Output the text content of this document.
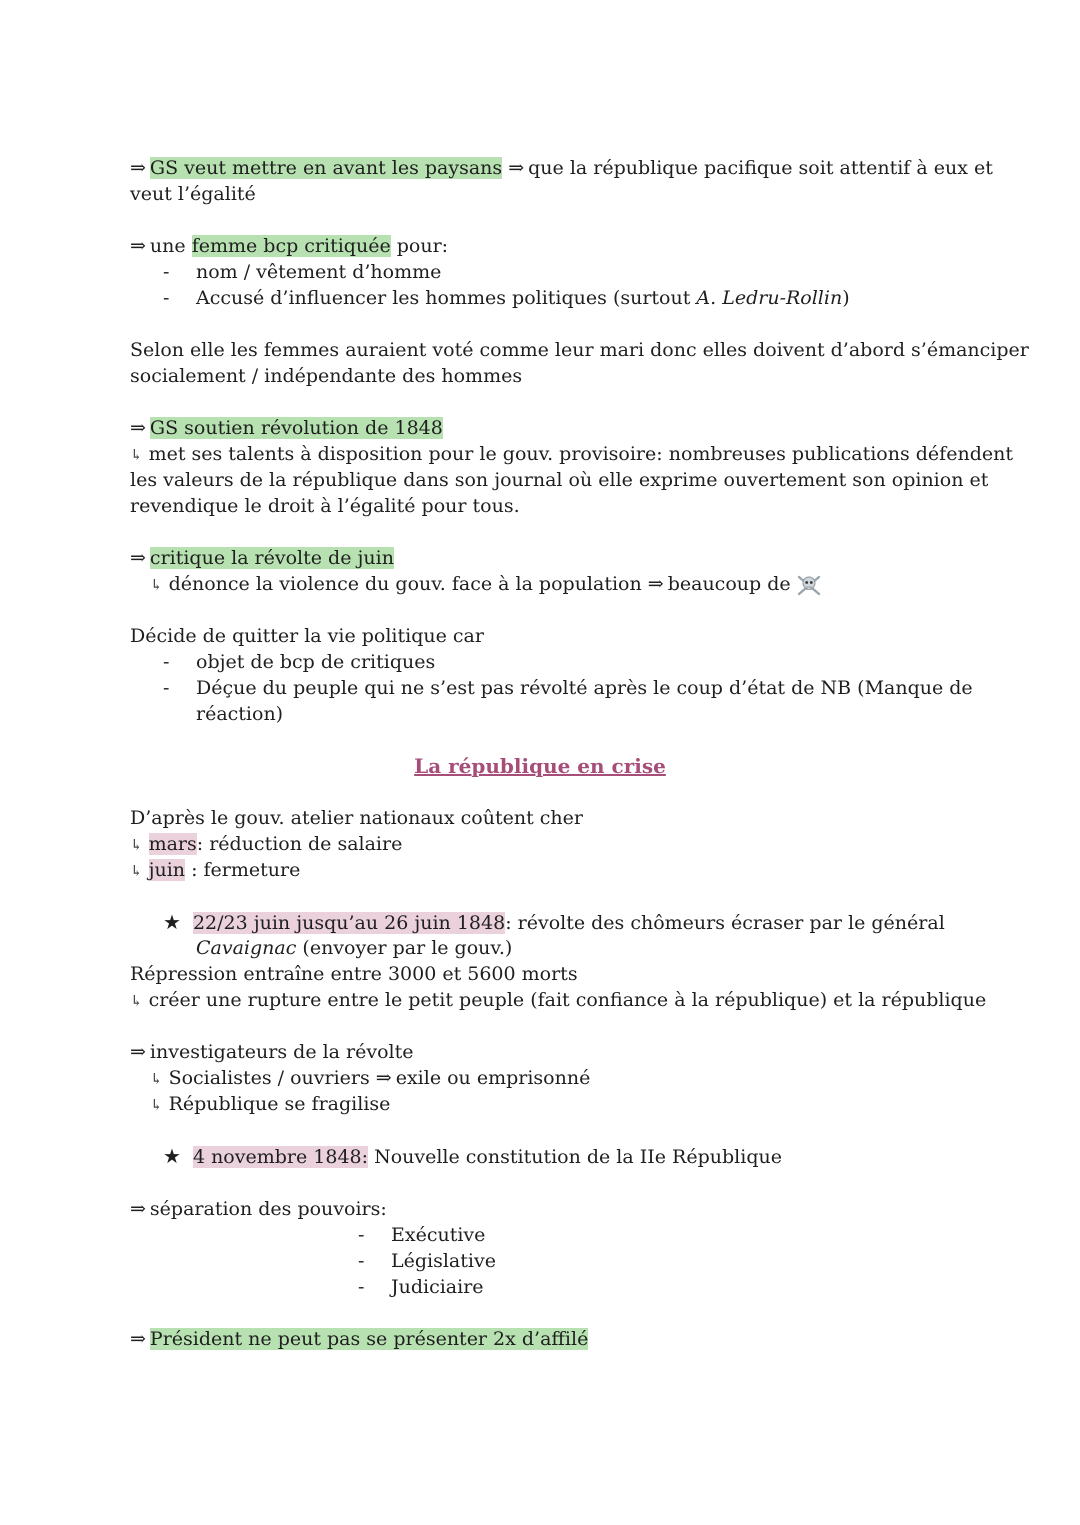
⇒ GS veut mettre en avant les paysans ⇒ que la république pacifique soit attentif à eux et
veut l’égalité
⇒ une femme bcp critiquée pour:
- nom / vêtement d’homme
- Accusé d’influencer les hommes politiques (surtout A. Ledru-Rollin)
Selon elle les femmes auraient voté comme leur mari donc elles doivent d’abord s’émanciper
socialement / indépendante des hommes
⇒ GS soutien révolution de 1848
↳ met ses talents à disposition pour le gouv. provisoire: nombreuses publications défendent
les valeurs de la république dans son journal où elle exprime ouvertement son opinion et
revendique le droit à l’égalité pour tous.
⇒ critique la révolte de juin
↳ dénonce la violence du gouv. face à la population ⇒ beaucoup de
Décide de quitter la vie politique car
- objet de bcp de critiques
- Déçue du peuple qui ne s’est pas révolté après le coup d’état de NB (Manque de
réaction)
La république en crise
D’après le gouv. atelier nationaux coûtent cher
↳ mars: réduction de salaire
↳ juin : fermeture
★ 22/23 juin jusqu’au 26 juin 1848: révolte des chômeurs écraser par le général
Cavaignac (envoyer par le gouv.)
Répression entraîne entre 3000 et 5600 morts
↳ créer une rupture entre le petit peuple (fait confiance à la république) et la république
⇒ investigateurs de la révolte
↳ Socialistes / ouvriers ⇒ exile ou emprisonné
↳ République se fragilise
★ 4 novembre 1848: Nouvelle constitution de la IIe République
⇒ séparation des pouvoirs:
- Exécutive
- Législative
- Judiciaire
⇒ Président ne peut pas se présenter 2x d’affilé
